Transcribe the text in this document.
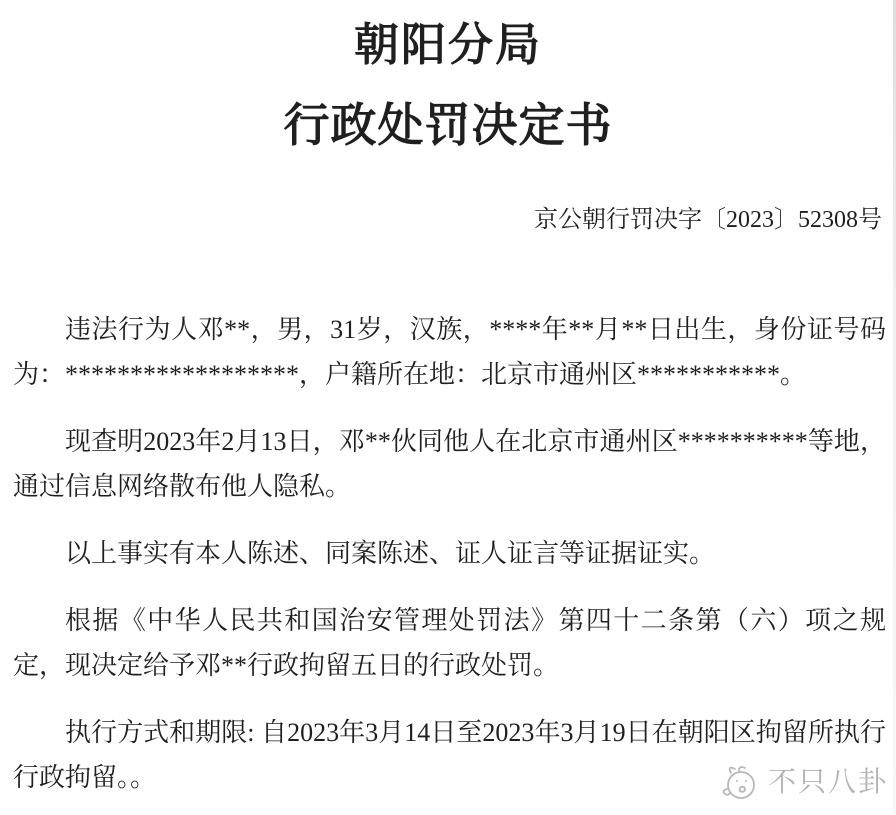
朝阳分局
行政处罚决定书
京公朝行罚决字〔2023〕52308号

违法行为人邓**，男，31岁，汉族，****年**月**日出生，身份证号码为：******************，户籍所在地：北京市通州区***********。

现查明2023年2月13日，邓**伙同他人在北京市通州区**********等地，通过信息网络散布他人隐私。

以上事实有本人陈述、同案陈述、证人证言等证据证实。

根据《中华人民共和国治安管理处罚法》第四十二条第（六）项之规定，现决定给予邓**行政拘留五日的行政处罚。

执行方式和期限: 自2023年3月14日至2023年3月19日在朝阳区拘留所执行行政拘留。。	不只八卦
